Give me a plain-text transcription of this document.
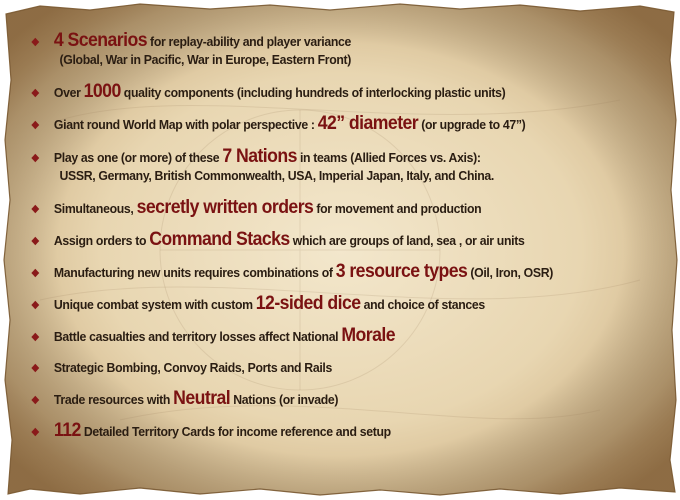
4 Scenarios for replay-ability and player variance
(Global, War in Pacific, War in Europe, Eastern Front)
Over 1000 quality components (including hundreds of interlocking plastic units)
Giant round World Map with polar perspective : 42” diameter (or upgrade to 47”)
Play as one (or more) of these 7 Nations in teams (Allied Forces vs. Axis):
USSR, Germany, British Commonwealth, USA, Imperial Japan, Italy, and China.
Simultaneous, secretly written orders for movement and production
Assign orders to Command Stacks which are groups of land, sea , or air units
Manufacturing new units requires combinations of 3 resource types (Oil, Iron, OSR)
Unique combat system with custom 12-sided dice and choice of stances
Battle casualties and territory losses affect National Morale
Strategic Bombing, Convoy Raids, Ports and Rails
Trade resources with Neutral Nations (or invade)
112 Detailed Territory Cards for income reference and setup
